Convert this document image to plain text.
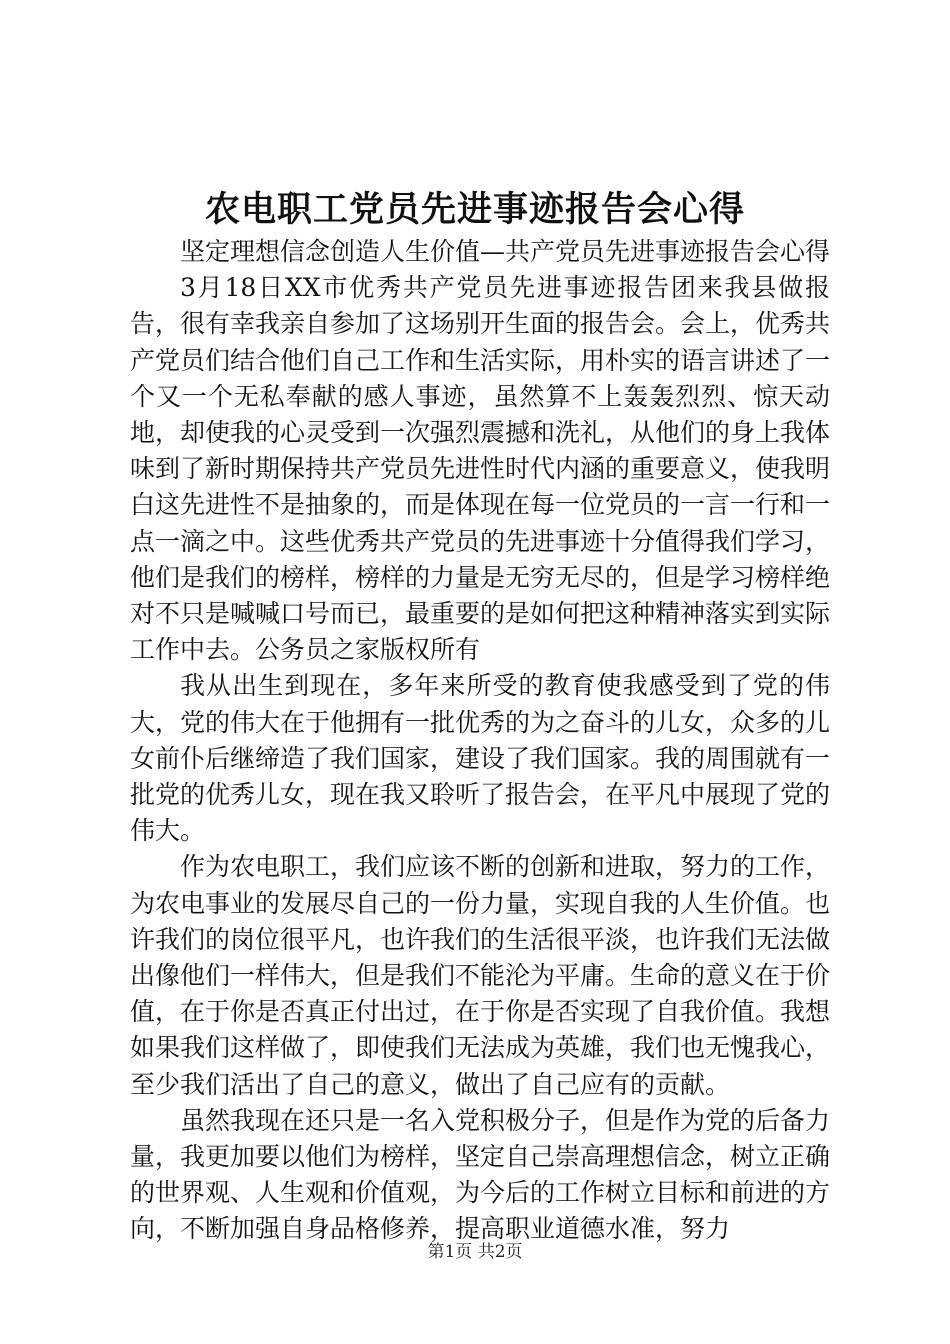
农电职工党员先进事迹报告会心得

坚定理想信念创造人生价值—共产党员先进事迹报告会心得

3月18日XX市优秀共产党员先进事迹报告团来我县做报告，很有幸我亲自参加了这场别开生面的报告会。会上，优秀共产党员们结合他们自己工作和生活实际，用朴实的语言讲述了一个又一个无私奉献的感人事迹，虽然算不上轰轰烈烈、惊天动地，却使我的心灵受到一次强烈震撼和洗礼，从他们的身上我体味到了新时期保持共产党员先进性时代内涵的重要意义，使我明白这先进性不是抽象的，而是体现在每一位党员的一言一行和一点一滴之中。这些优秀共产党员的先进事迹十分值得我们学习，他们是我们的榜样，榜样的力量是无穷无尽的，但是学习榜样绝对不只是喊喊口号而已，最重要的是如何把这种精神落实到实际工作中去。公务员之家版权所有

我从出生到现在，多年来所受的教育使我感受到了党的伟大，党的伟大在于他拥有一批优秀的为之奋斗的儿女，众多的儿女前仆后继缔造了我们国家，建设了我们国家。我的周围就有一批党的优秀儿女，现在我又聆听了报告会，在平凡中展现了党的伟大。

作为农电职工，我们应该不断的创新和进取，努力的工作，为农电事业的发展尽自己的一份力量，实现自我的人生价值。也许我们的岗位很平凡，也许我们的生活很平淡，也许我们无法做出像他们一样伟大，但是我们不能沦为平庸。生命的意义在于价值，在于你是否真正付出过，在于你是否实现了自我价值。我想如果我们这样做了，即使我们无法成为英雄，我们也无愧我心，至少我们活出了自己的意义，做出了自己应有的贡献。

虽然我现在还只是一名入党积极分子，但是作为党的后备力量，我更加要以他们为榜样，坚定自己崇高理想信念，树立正确的世界观、人生观和价值观，为今后的工作树立目标和前进的方向，不断加强自身品格修养，提高职业道德水准，努力

第1页 共2页
